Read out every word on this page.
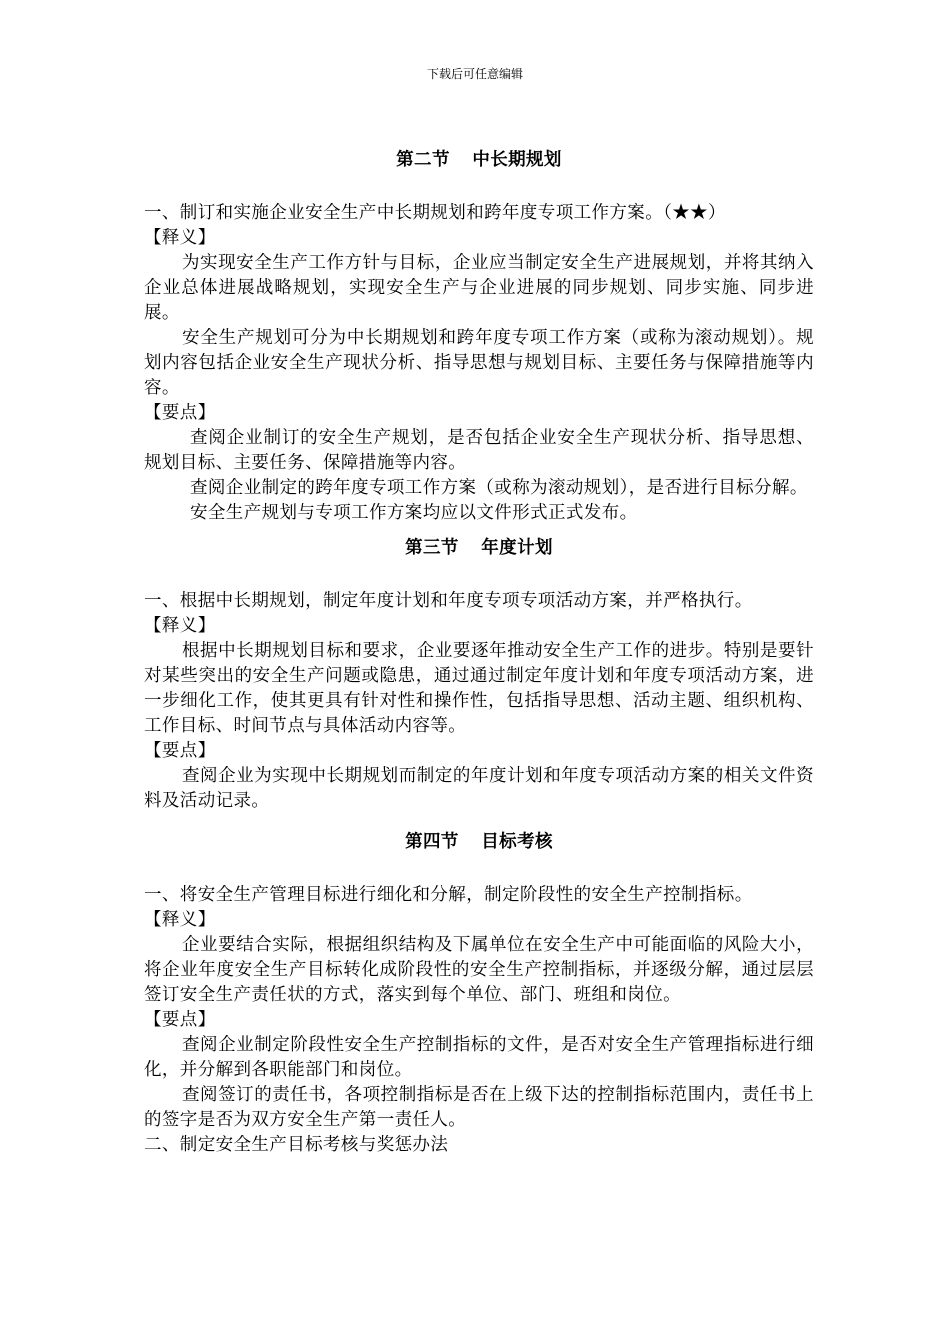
下载后可任意编辑

第二节 中长期规划

一、制订和实施企业安全生产中长期规划和跨年度专项工作方案。（★★）

【释义】

为实现安全生产工作方针与目标，企业应当制定安全生产进展规划，并将其纳入企业总体进展战略规划，实现安全生产与企业进展的同步规划、同步实施、同步进展。

安全生产规划可分为中长期规划和跨年度专项工作方案（或称为滚动规划）。规划内容包括企业安全生产现状分析、指导思想与规划目标、主要任务与保障措施等内容。

【要点】

查阅企业制订的安全生产规划，是否包括企业安全生产现状分析、指导思想、规划目标、主要任务、保障措施等内容。

查阅企业制定的跨年度专项工作方案（或称为滚动规划），是否进行目标分解。

安全生产规划与专项工作方案均应以文件形式正式发布。

第三节 年度计划

一、根据中长期规划，制定年度计划和年度专项专项活动方案，并严格执行。

【释义】

根据中长期规划目标和要求，企业要逐年推动安全生产工作的进步。特别是要针对某些突出的安全生产问题或隐患，通过通过制定年度计划和年度专项活动方案，进一步细化工作，使其更具有针对性和操作性，包括指导思想、活动主题、组织机构、工作目标、时间节点与具体活动内容等。

【要点】

查阅企业为实现中长期规划而制定的年度计划和年度专项活动方案的相关文件资料及活动记录。

第四节 目标考核

一、将安全生产管理目标进行细化和分解，制定阶段性的安全生产控制指标。

【释义】

企业要结合实际，根据组织结构及下属单位在安全生产中可能面临的风险大小，将企业年度安全生产目标转化成阶段性的安全生产控制指标，并逐级分解，通过层层签订安全生产责任状的方式，落实到每个单位、部门、班组和岗位。

【要点】

查阅企业制定阶段性安全生产控制指标的文件，是否对安全生产管理指标进行细化，并分解到各职能部门和岗位。

查阅签订的责任书，各项控制指标是否在上级下达的控制指标范围内，责任书上的签字是否为双方安全生产第一责任人。

二、制定安全生产目标考核与奖惩办法
